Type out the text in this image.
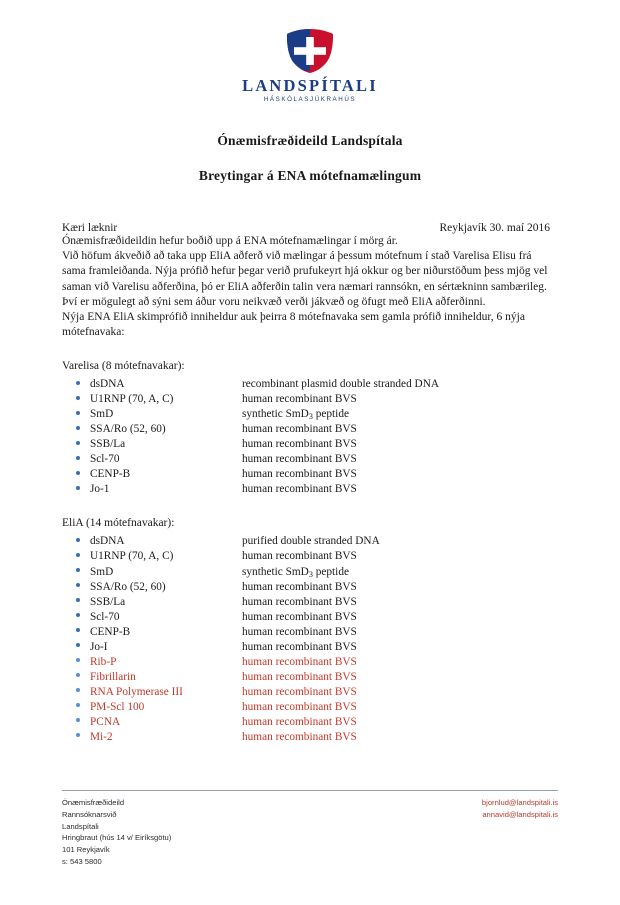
LANDSPÍTALI
HÁSKÓLASJÚKRAHÚS
Ónæmisfræðideild Landspítala
Breytingar á ENA mótefnamælingum
Kæri læknir	Reykjavík 30. maí 2016

Ónæmisfræðideildin hefur boðið upp á ENA mótefnamælingar í mörg ár.

Við höfum ákveðið að taka upp EliA aðferð við mælingar á þessum mótefnum í stað Varelisa Elisu frá sama framleiðanda. Nýja prófið hefur þegar verið prufukeyrt hjá okkur og ber niðurstöðum þess mjög vel saman við Varelisu aðferðina, þó er EliA aðferðin talin vera næmari rannsókn, en sértækninn sambærileg. Því er mögulegt að sýni sem áður voru neikvæð verði jákvæð og öfugt með EliA aðferðinni.

Nýja ENA EliA skimprófið inniheldur auk þeirra 8 mótefnavaka sem gamla prófið inniheldur, 6 nýja mótefnavaka:

Varelisa (8 mótefnavakar):
dsDNA	recombinant plasmid double stranded DNA
U1RNP (70, A, C)	human recombinant BVS
SmD	synthetic SmD$_3$ peptide
SSA/Ro (52, 60)	human recombinant BVS
SSB/La	human recombinant BVS
Scl-70	human recombinant BVS
CENP-B	human recombinant BVS
Jo-1	human recombinant BVS
EliA (14 mótefnavakar):
dsDNA	purified double stranded DNA
U1RNP (70, A, C)	human recombinant BVS
SmD	synthetic SmD$_3$ peptide
SSA/Ro (52, 60)	human recombinant BVS
SSB/La	human recombinant BVS
Scl-70	human recombinant BVS
CENP-B	human recombinant BVS
Jo-I	human recombinant BVS
Rib-P	human recombinant BVS
Fibrillarin	human recombinant BVS
RNA Polymerase III	human recombinant BVS
PM-Scl 100	human recombinant BVS
PCNA	human recombinant BVS
Mi-2	human recombinant BVS
Ónæmisfræðideild
Rannsóknarsvið
Landspítali
Hringbraut (hús 14 v/ Eiríksgötu)
101 Reykjavík
s: 543 5800
bjornlud@landspitali.is
annavid@landspitali.is
